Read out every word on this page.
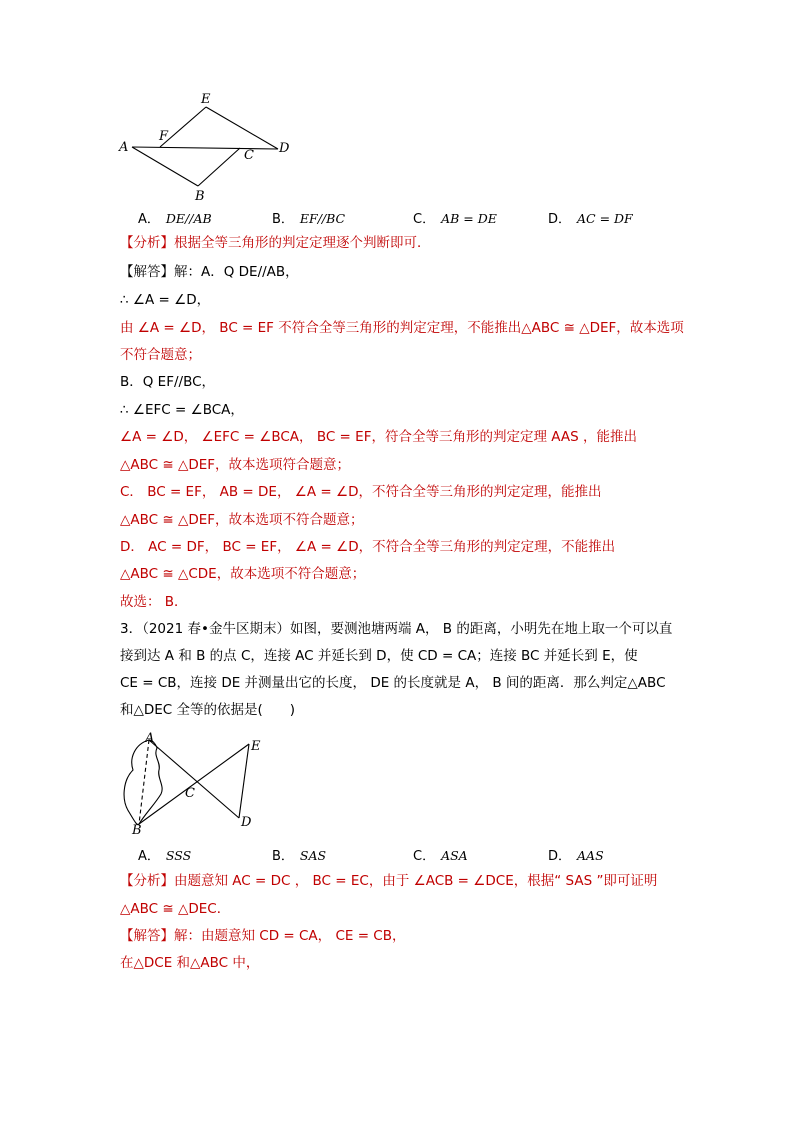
E
F
A
C D
B
A． DE//AB	B． EF//BC	C． AB = DE	D． AC = DF
【分析】根据全等三角形的判定定理逐个判断即可．
【解答】解：A．Q DE//AB，
∴ ∠A = ∠D，
由 ∠A = ∠D， BC = EF 不符合全等三角形的判定定理，不能推出△ABC ≅ △DEF，故本选项
不符合题意；
B．Q EF//BC，
∴ ∠EFC = ∠BCA，
∠A = ∠D， ∠EFC = ∠BCA， BC = EF，符合全等三角形的判定定理 AAS ，能推出
△ABC ≅ △DEF，故本选项符合题意；
C． BC = EF， AB = DE， ∠A = ∠D，不符合全等三角形的判定定理，能推出
△ABC ≅ △DEF，故本选项不符合题意；
D． AC = DF， BC = EF， ∠A = ∠D，不符合全等三角形的判定定理，不能推出
△ABC ≅ △CDE，故本选项不符合题意；
故选： B．
3．（2021 春•金牛区期末）如图，要测池塘两端 A， B 的距离，小明先在地上取一个可以直
接到达 A 和 B 的点 C，连接 AC 并延长到 D，使 CD = CA；连接 BC 并延长到 E，使
CE = CB，连接 DE 并测量出它的长度， DE 的长度就是 A， B 间的距离．那么判定△ABC
和△DEC 全等的依据是(　　)
A
B
C
E
D
A． SSS	B． SAS	C． ASA	D． AAS
【分析】由题意知 AC = DC ， BC = EC，由于 ∠ACB = ∠DCE，根据“ SAS ”即可证明
△ABC ≅ △DEC．
【解答】解：由题意知 CD = CA， CE = CB，
在△DCE 和△ABC 中，
